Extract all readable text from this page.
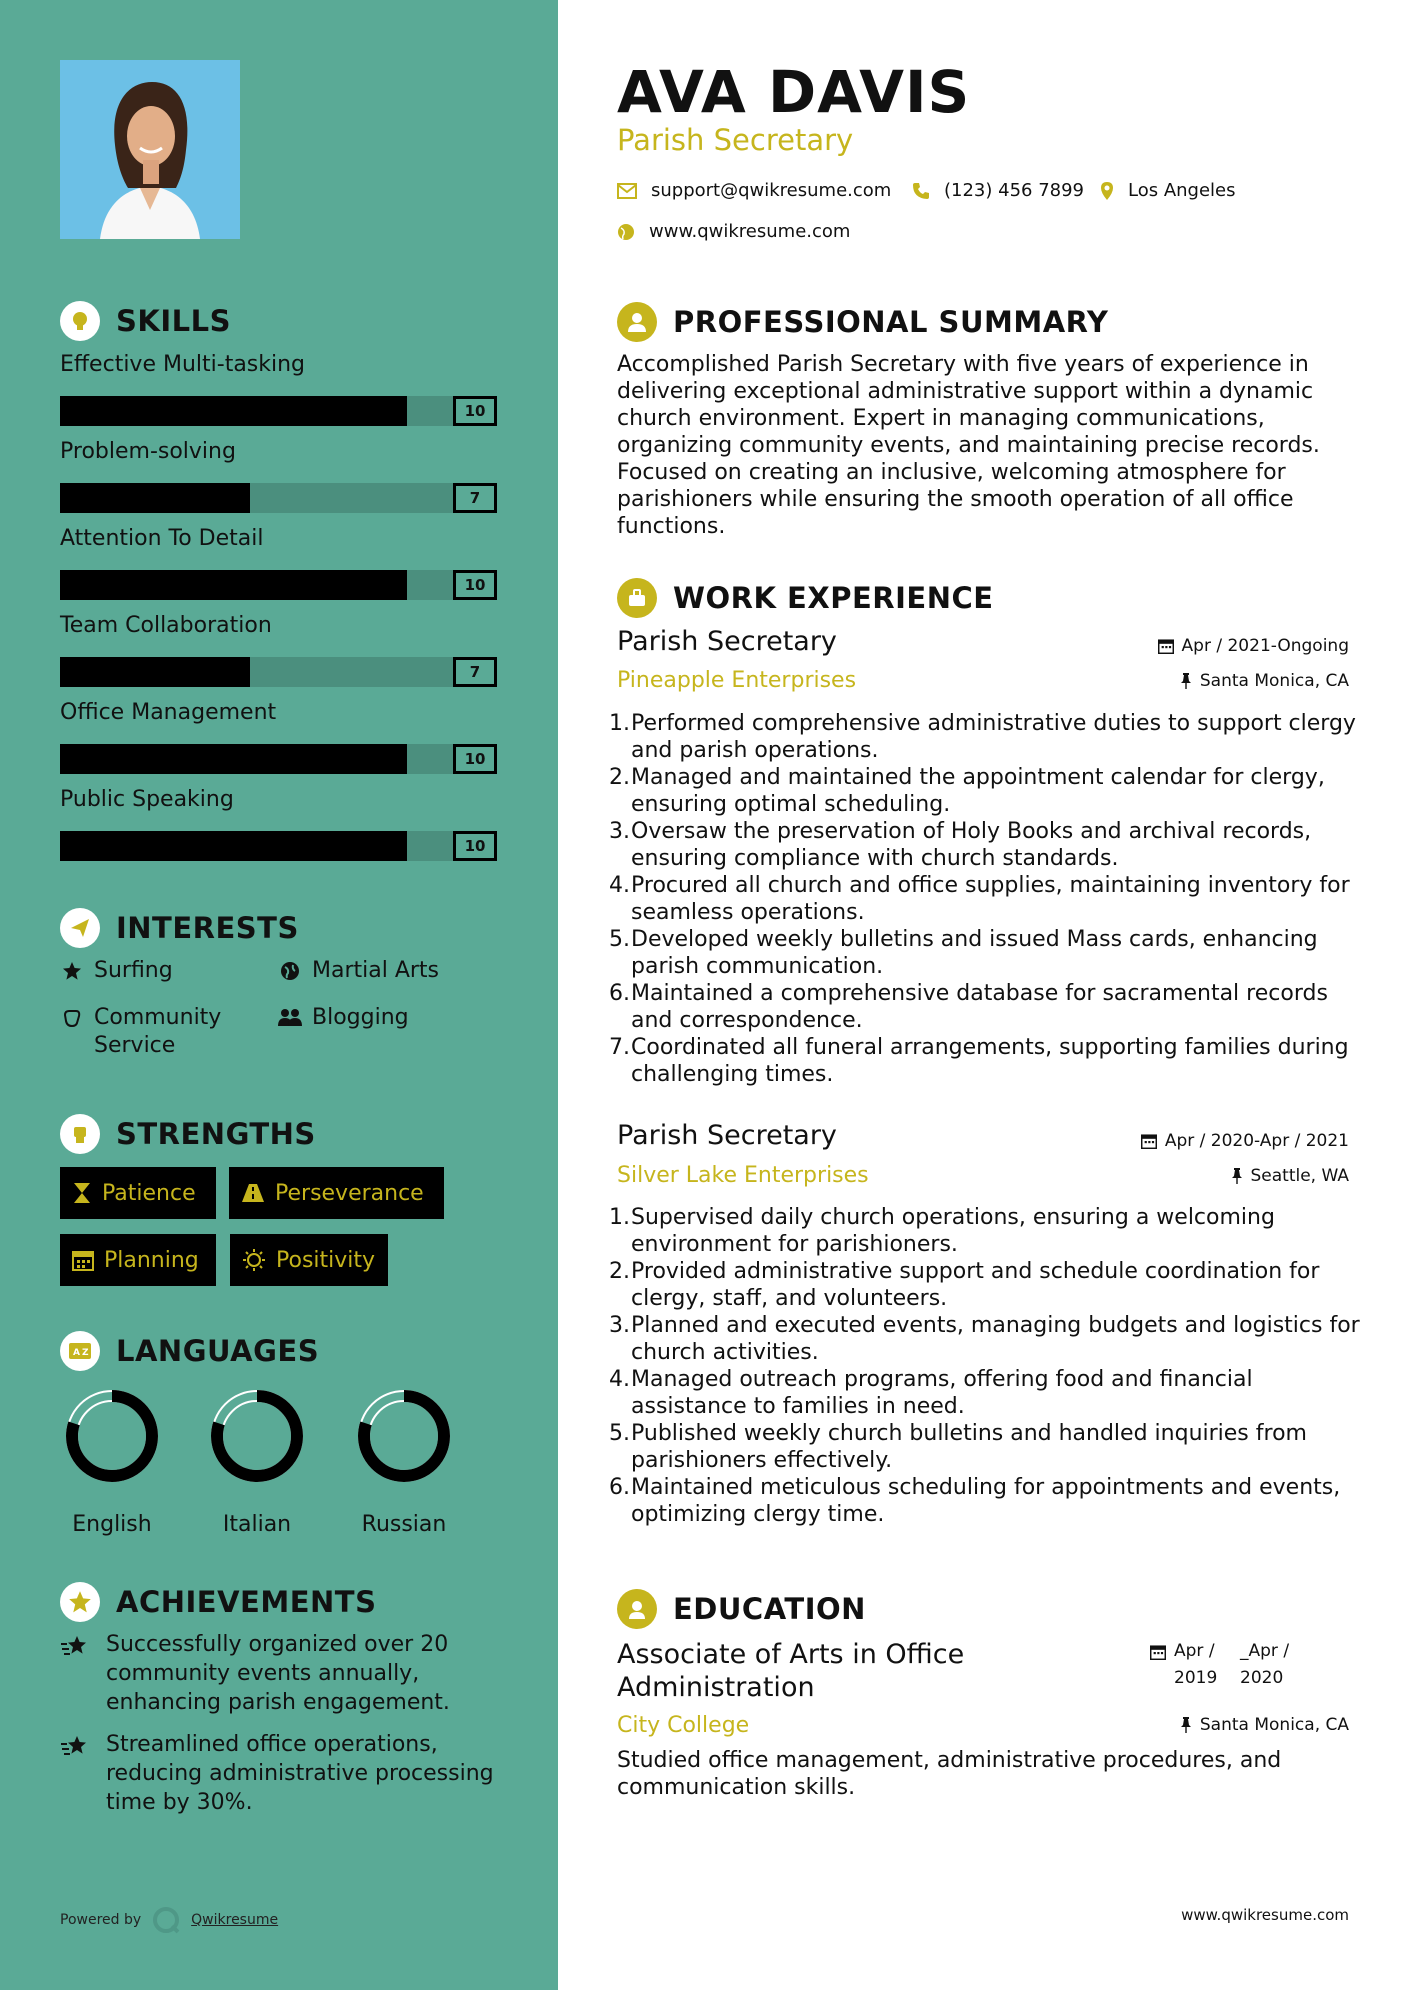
SKILLS
Effective Multi-tasking
10
Problem-solving
7
Attention To Detail
10
Team Collaboration
7
Office Management
10
Public Speaking
10
INTERESTS
Surfing	Martial Arts
Community Service
Blogging
STRENGTHS
Patience	Perseverance
Planning	Positivity
A Z LANGUAGES
English	Italian	Russian
ACHIEVEMENTS
Successfully organized over 20 community events annually, enhancing parish engagement.
Streamlined office operations, reducing administrative processing time by 30%.
Powered by	Qwikresume
AVA DAVIS
Parish Secretary
support@qwikresume.com	(123) 456 7899 Los Angeles
www.qwikresume.com
PROFESSIONAL SUMMARY
Accomplished Parish Secretary with five years of experience in delivering exceptional administrative support within a dynamic church environment. Expert in managing communications, organizing community events, and maintaining precise records. Focused on creating an inclusive, welcoming atmosphere for parishioners while ensuring the smooth operation of all office functions.
WORK EXPERIENCE
Parish Secretary	Apr / 2021-Ongoing
Pineapple Enterprises	Santa Monica, CA
1. Performed comprehensive administrative duties to support clergy and parish operations.
2. Managed and maintained the appointment calendar for clergy, ensuring optimal scheduling.
3. Oversaw the preservation of Holy Books and archival records, ensuring compliance with church standards.
4. Procured all church and office supplies, maintaining inventory for seamless operations.
5. Developed weekly bulletins and issued Mass cards, enhancing parish communication.
6. Maintained a comprehensive database for sacramental records and correspondence.
7. Coordinated all funeral arrangements, supporting families during challenging times.
Parish Secretary	Apr / 2020-Apr / 2021
Silver Lake Enterprises	Seattle, WA
1. Supervised daily church operations, ensuring a welcoming environment for parishioners.
2. Provided administrative support and schedule coordination for clergy, staff, and volunteers.
3. Planned and executed events, managing budgets and logistics for church activities.
4. Managed outreach programs, offering food and financial assistance to families in need.
5. Published weekly church bulletins and handled inquiries from parishioners effectively.
6. Maintained meticulous scheduling for appointments and events, optimizing clergy time.
EDUCATION
Associate of Arts in Office Administration
Apr / 2019
_Apr / 2020
City College	Santa Monica, CA
Studied office management, administrative procedures, and communication skills.
www.qwikresume.com
